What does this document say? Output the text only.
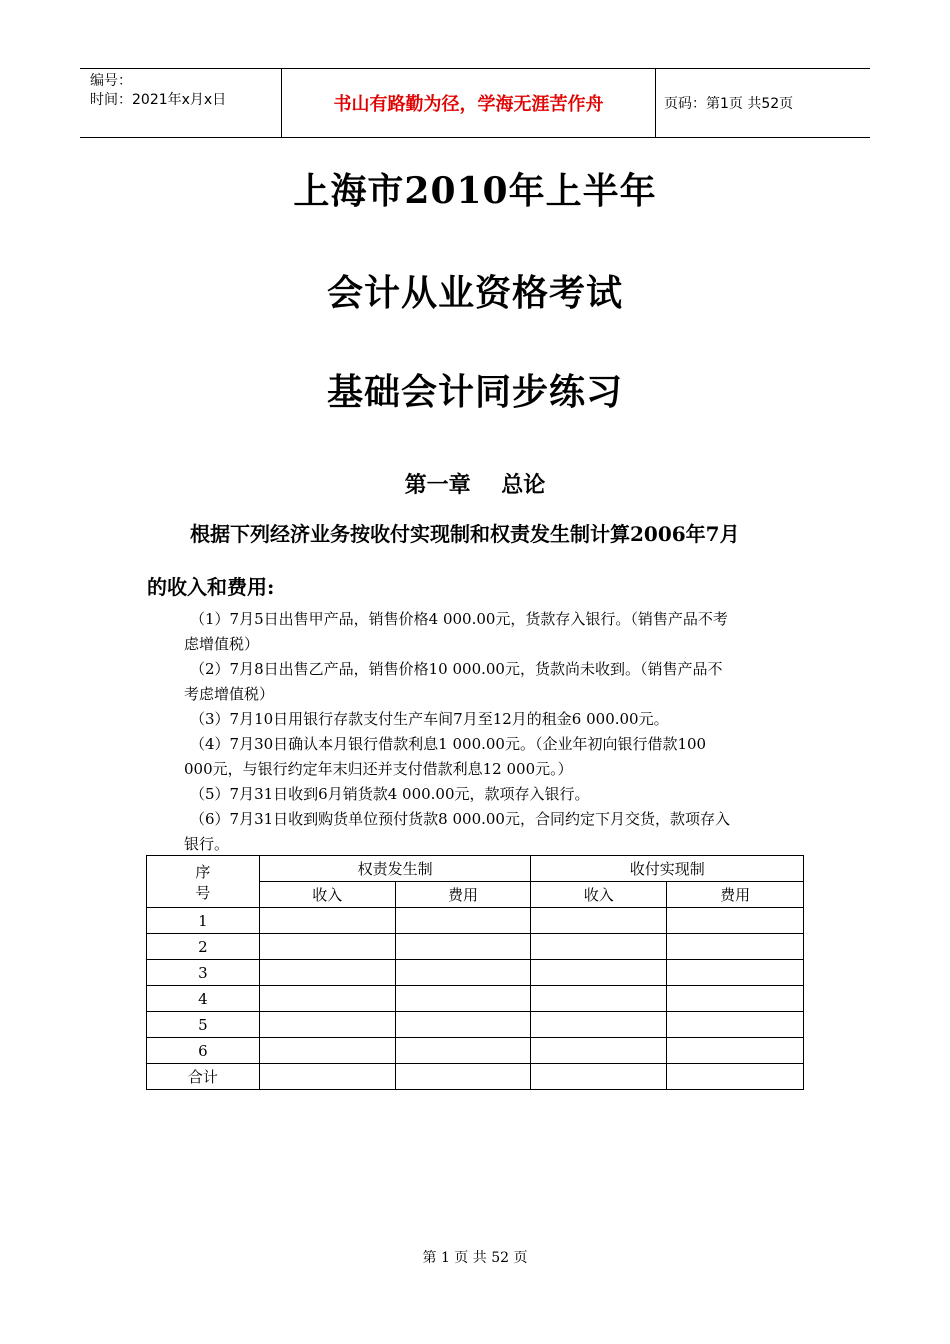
编号：
时间：2021年x月x日	书山有路勤为径，学海无涯苦作舟	页码：第1页 共52页
上海市2010年上半年
会计从业资格考试
基础会计同步练习
第一章    总论
根据下列经济业务按收付实现制和权责发生制计算2006年7月
的收入和费用:

（1）7月5日出售甲产品，销售价格4 000.00元，货款存入银行。（销售产品不考
虑增值税）

（2）7月8日出售乙产品，销售价格10 000.00元，货款尚未收到。（销售产品不
考虑增值税）

（3）7月10日用银行存款支付生产车间7月至12月的租金6 000.00元。

（4）7月30日确认本月银行借款利息1 000.00元。（企业年初向银行借款100
000元，与银行约定年末归还并支付借款利息12 000元。）

（5）7月31日收到6月销货款4 000.00元，款项存入银行。

（6）7月31日收到购货单位预付货款8 000.00元，合同约定下月交货，款项存入
银行。

序
号	权责发生制		收付实现制	
	收入	费用	收入	费用
1				
2				
3				
4				
5				
6				
合计				
第 1 页 共 52 页
